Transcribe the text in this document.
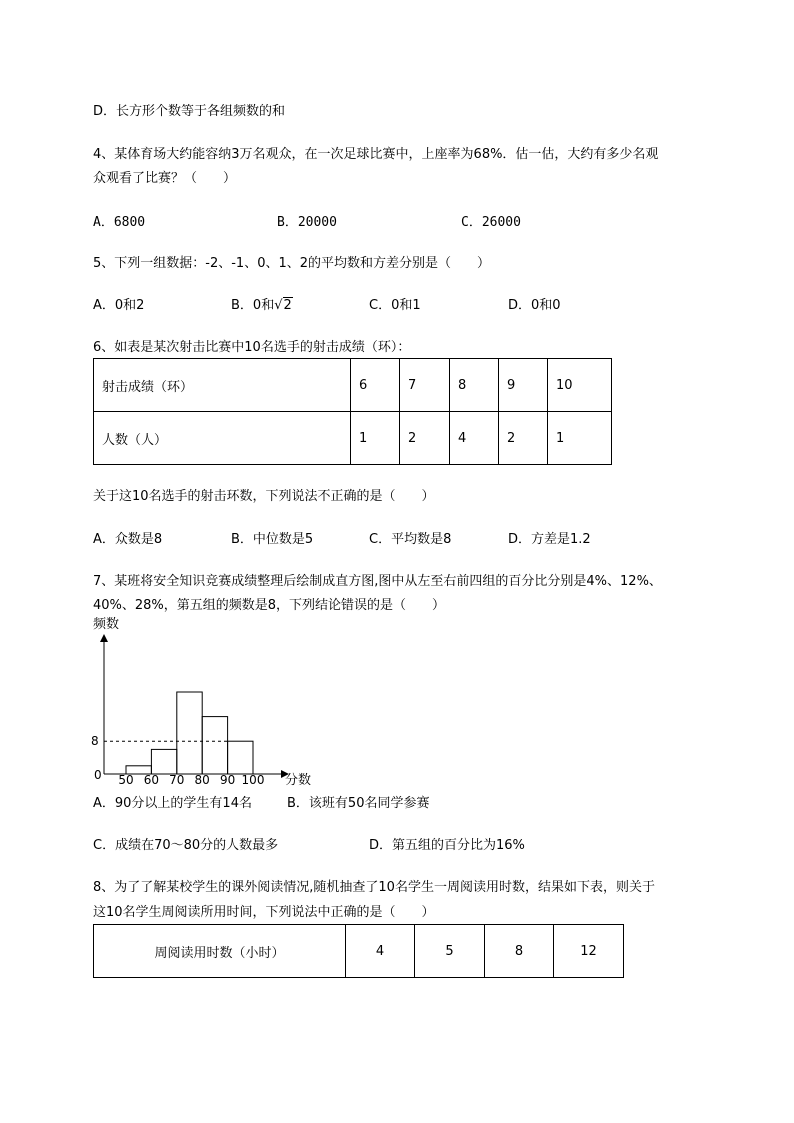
D．长方形个数等于各组频数的和
4、某体育场大约能容纳3万名观众，在一次足球比赛中，上座率为68%．估一估，大约有多少名观
众观看了比赛？（　　）
A．6800	B．20000	C．26000
5、下列一组数据：-2、-1、0、1、2的平均数和方差分别是（　　）
A．0和2	B．0和√2	C．0和1	D．0和0
6、如表是某次射击比赛中10名选手的射击成绩（环）：
射击成绩（环）	6	7	8	9	10
人数（人）	1	2	4	2	1
关于这10名选手的射击环数，下列说法不正确的是（　　）
A．众数是8	B．中位数是5	C．平均数是8	D．方差是1.2
7、某班将安全知识竞赛成绩整理后绘制成直方图,图中从左至右前四组的百分比分别是4%、12%、
40%、28%，第五组的频数是8，下列结论错误的是（　　）
频数
0
8
50 60 70 80 90 100 分数
A．90分以上的学生有14名	B．该班有50名同学参赛
C．成绩在70～80分的人数最多	D．第五组的百分比为16%
8、为了了解某校学生的课外阅读情况,随机抽查了10名学生一周阅读用时数，结果如下表，则关于
这10名学生周阅读所用时间，下列说法中正确的是（　　）
周阅读用时数（小时）	4	5	8	12
